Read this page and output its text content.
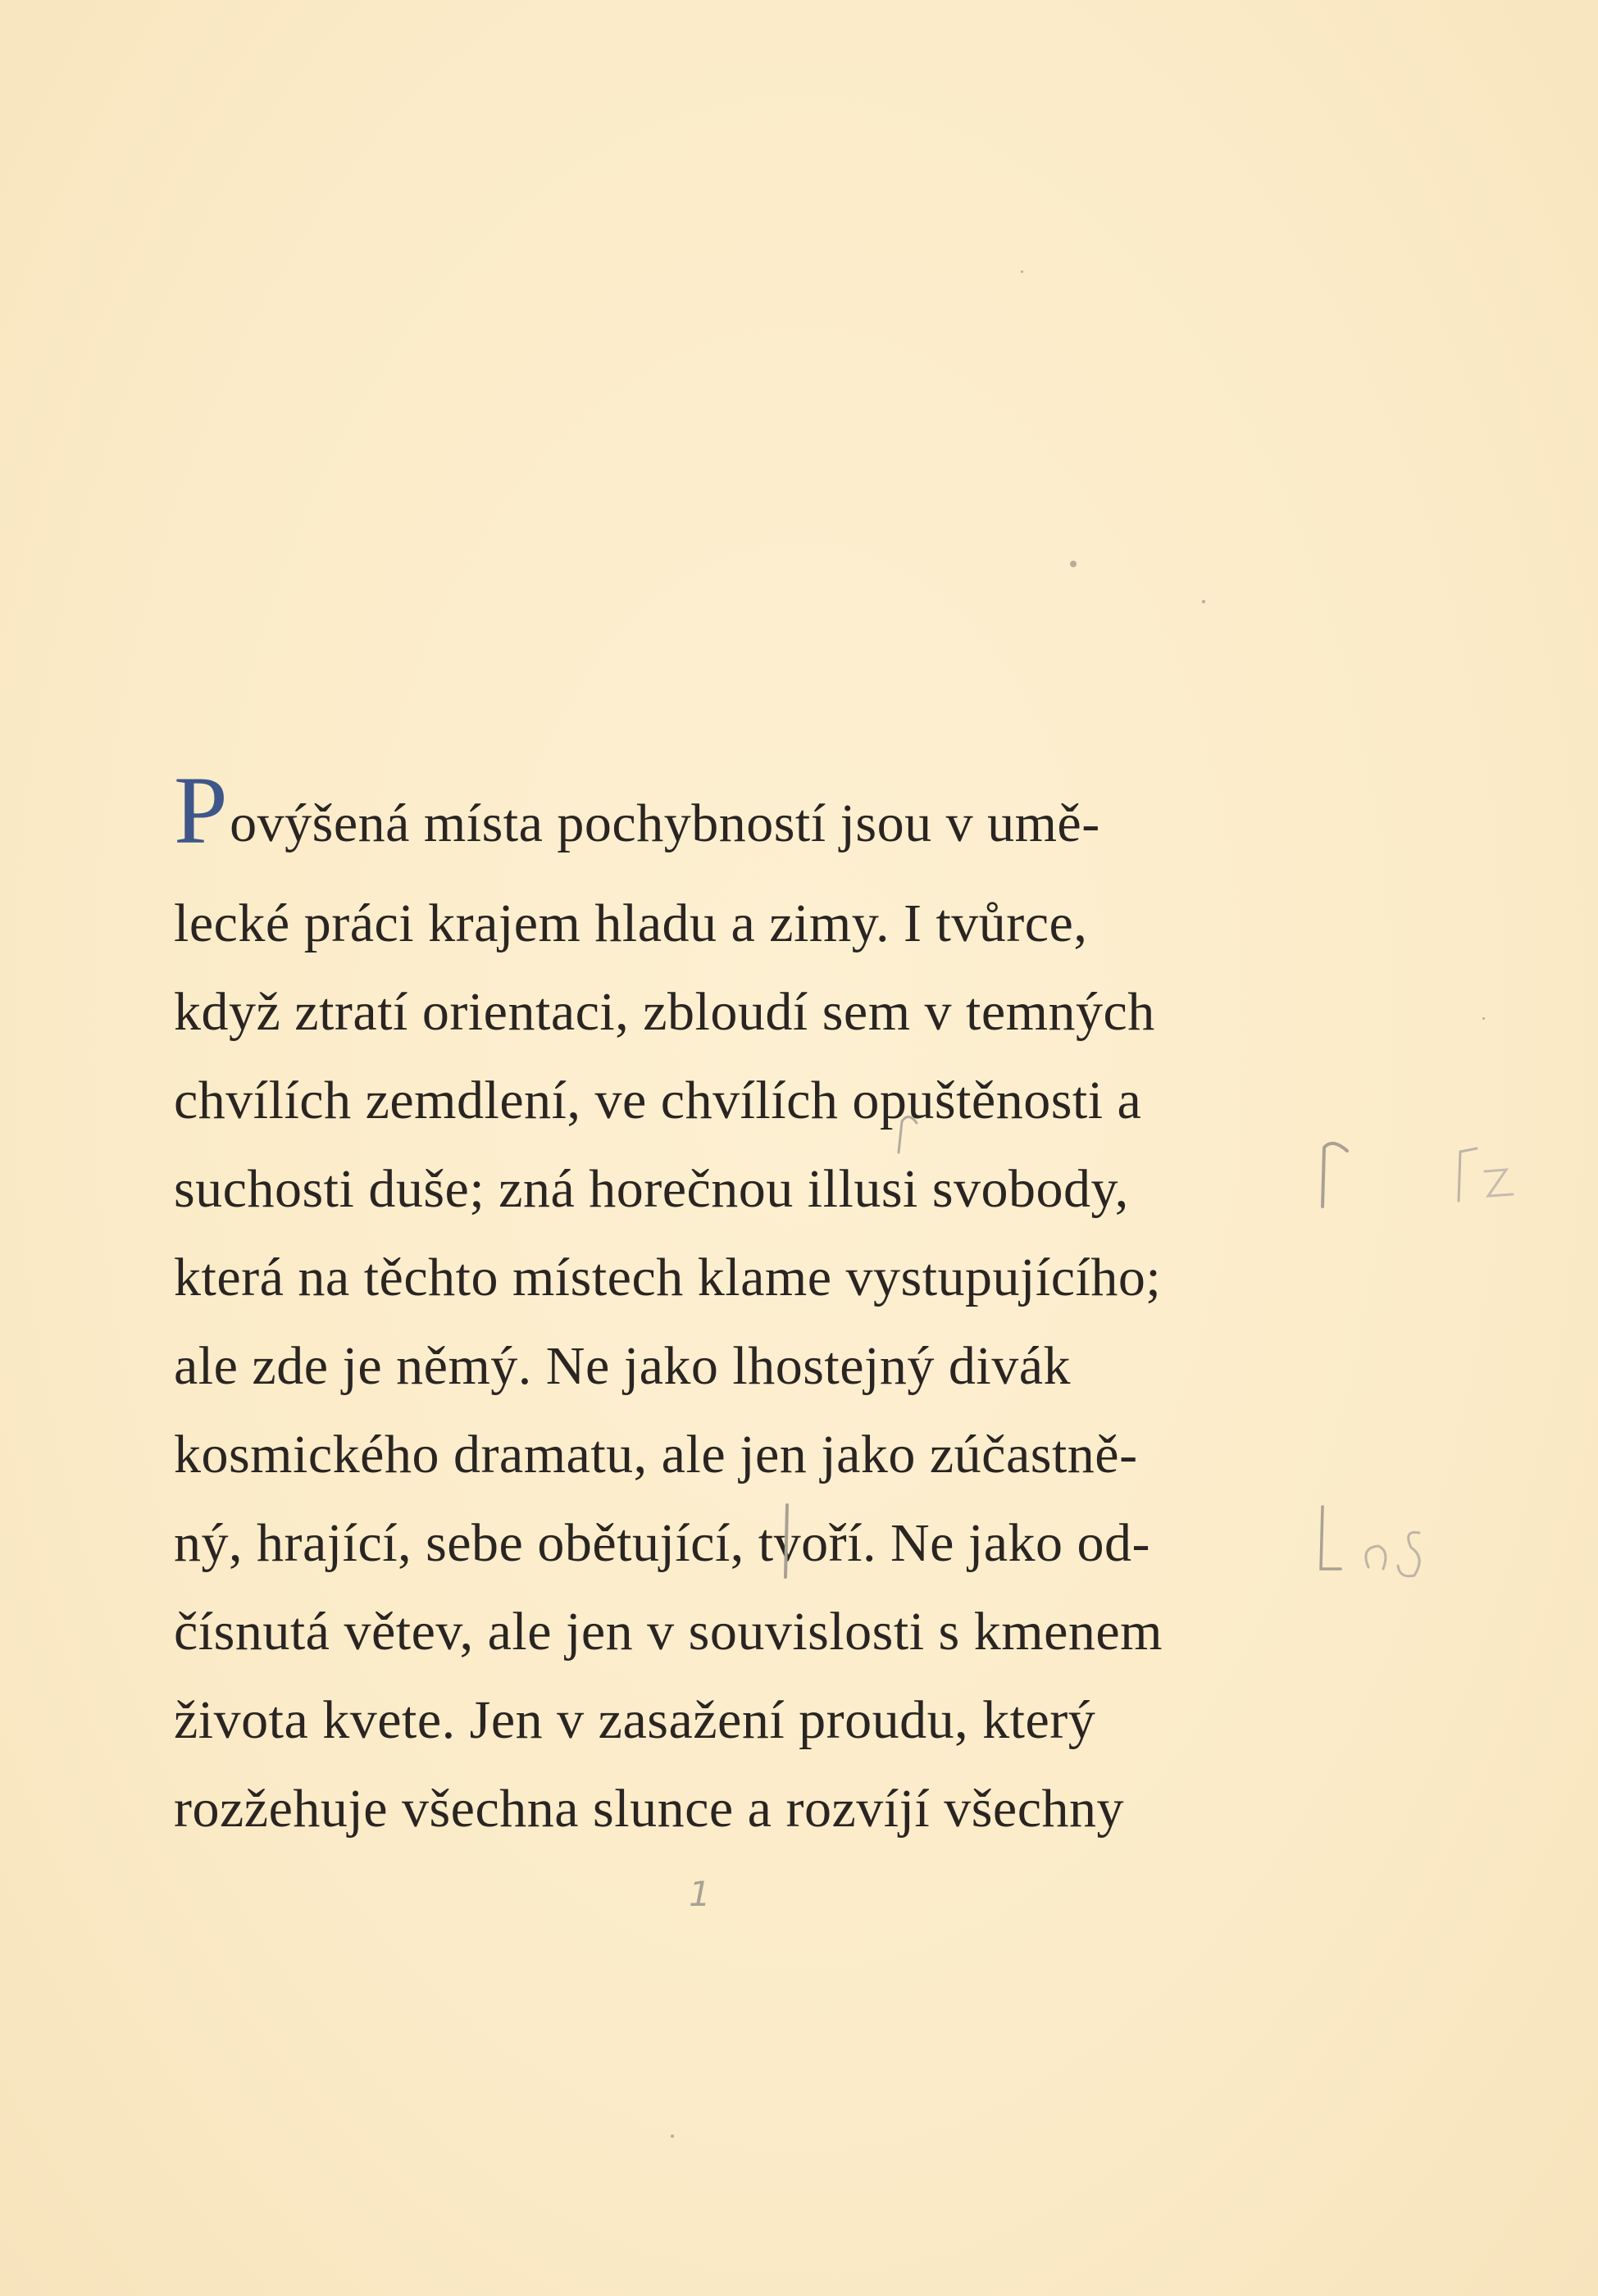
Povýšená místa pochybností jsou v umě-
lecké práci krajem hladu a zimy. I tvůrce,
když ztratí orientaci, zbloudí sem v temných
chvílích zemdlení, ve chvílích opuštěnosti a
suchosti duše; zná horečnou illusi svobody,
která na těchto místech klame vystupujícího;
ale zde je němý. Ne jako lhostejný divák
kosmického dramatu, ale jen jako zúčastně-
ný, hrající, sebe obětující, tvoří. Ne jako od-
čísnutá větev, ale jen v souvislosti s kmenem
života kvete. Jen v zasažení proudu, který
rozžehuje všechna slunce a rozvíjí všechny
1
